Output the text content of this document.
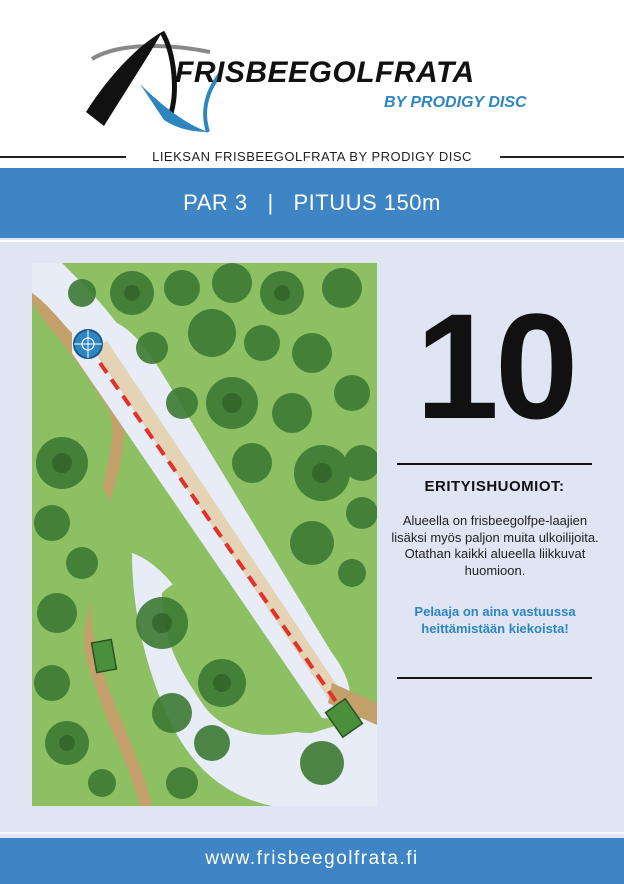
FRISBEEGOLFRATA
BY PRODIGY DISC
LIEKSAN FRISBEEGOLFRATA BY PRODIGY DISC
PAR 3   |   PITUUS 150m
10
ERITYISHUOMIOT:
Alueella on frisbeegolfpe-laajien lisäksi myös paljon muita ulkoilijoita. Otathan kaikki alueella liikkuvat huomioon.
Pelaaja on aina vastuussa heittämistään kiekoista!
www.frisbeegolfrata.fi
